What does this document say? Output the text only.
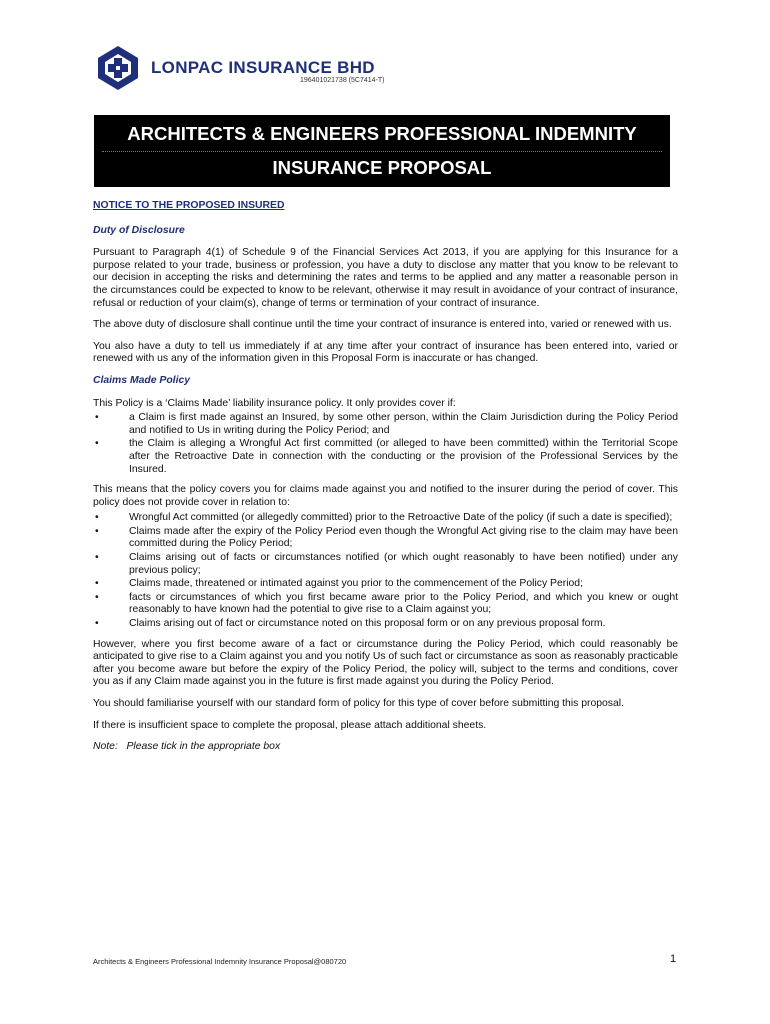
LONPAC INSURANCE BHD
196401021738 (5C7414-T)
ARCHITECTS & ENGINEERS PROFESSIONAL INDEMNITY
INSURANCE PROPOSAL
NOTICE TO THE PROPOSED INSURED
Duty of Disclosure

Pursuant to Paragraph 4(1) of Schedule 9 of the Financial Services Act 2013, if you are applying for this Insurance for a purpose related to your trade, business or profession, you have a duty to disclose any matter that you know to be relevant to our decision in accepting the risks and determining the rates and terms to be applied and any matter a reasonable person in the circumstances could be expected to know to be relevant, otherwise it may result in avoidance of your contract of insurance, refusal or reduction of your claim(s), change of terms or termination of your contract of insurance.

The above duty of disclosure shall continue until the time your contract of insurance is entered into, varied or renewed with us.

You also have a duty to tell us immediately if at any time after your contract of insurance has been entered into, varied or renewed with us any of the information given in this Proposal Form is inaccurate or has changed.

Claims Made Policy

This Policy is a ‘Claims Made’ liability insurance policy. It only provides cover if:

•	a Claim is first made against an Insured, by some other person, within the Claim Jurisdiction during the Policy Period and notified to Us in writing during the Policy Period; and
•	the Claim is alleging a Wrongful Act first committed (or alleged to have been committed) within the Territorial Scope after the Retroactive Date in connection with the conducting or the provision of the Professional Services by the Insured.

This means that the policy covers you for claims made against you and notified to the insurer during the period of cover. This policy does not provide cover in relation to:

•	Wrongful Act committed (or allegedly committed) prior to the Retroactive Date of the policy (if such a date is specified);
•	Claims made after the expiry of the Policy Period even though the Wrongful Act giving rise to the claim may have been committed during the Policy Period;
•	Claims arising out of facts or circumstances notified (or which ought reasonably to have been notified) under any previous policy;
•	Claims made, threatened or intimated against you prior to the commencement of the Policy Period;
•	facts or circumstances of which you first became aware prior to the Policy Period, and which you knew or ought reasonably to have known had the potential to give rise to a Claim against you;
•	Claims arising out of fact or circumstance noted on this proposal form or on any previous proposal form.

However, where you first become aware of a fact or circumstance during the Policy Period, which could reasonably be anticipated to give rise to a Claim against you and you notify Us of such fact or circumstance as soon as reasonably practicable after you become aware but before the expiry of the Policy Period, the policy will, subject to the terms and conditions, cover you as if any Claim made against you in the future is first made against you during the Policy Period.

You should familiarise yourself with our standard form of policy for this type of cover before submitting this proposal.

If there is insufficient space to complete the proposal, please attach additional sheets.

Note:   Please tick in the appropriate box

Architects & Engineers Professional Indemnity Insurance Proposal@080720	1
